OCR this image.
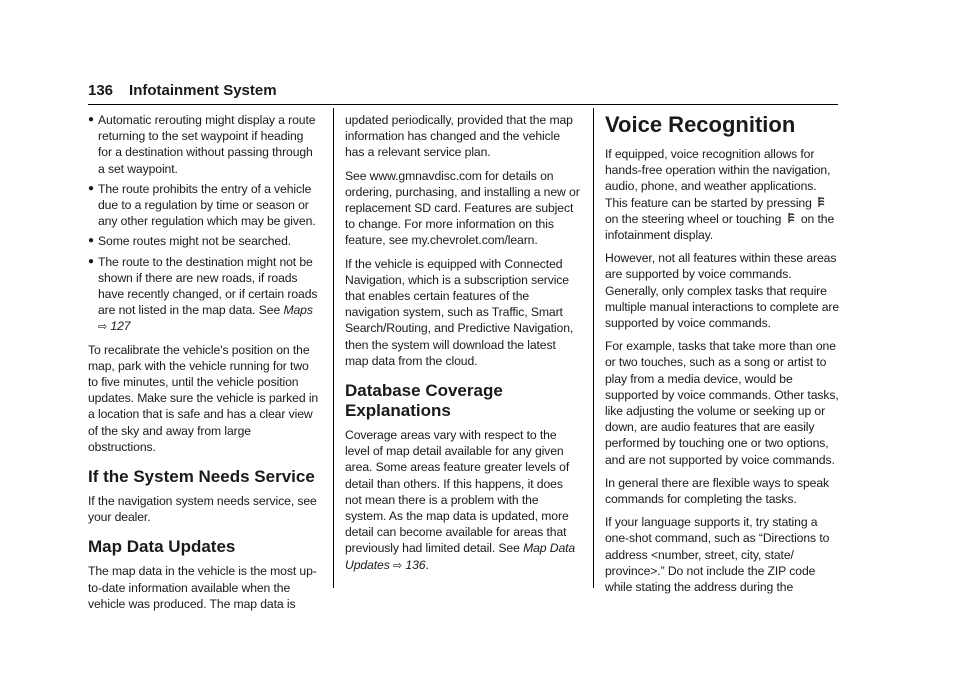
136 Infotainment System
● Automatic rerouting might display a route returning to the set waypoint if heading for a destination without passing through a set waypoint.
● The route prohibits the entry of a vehicle due to a regulation by time or season or any other regulation which may be given.
● Some routes might not be searched.
● The route to the destination might not be shown if there are new roads, if roads have recently changed, or if certain roads are not listed in the map data. See Maps
⇨ 127

To recalibrate the vehicle's position on the map, park with the vehicle running for two to five minutes, until the vehicle position updates. Make sure the vehicle is parked in a location that is safe and has a clear view of the sky and away from large obstructions.

If the System Needs Service

If the navigation system needs service, see your dealer.

Map Data Updates

The map data in the vehicle is the most up-to-date information available when the vehicle was produced. The map data is

updated periodically, provided that the map information has changed and the vehicle has a relevant service plan.

See www.gmnavdisc.com for details on ordering, purchasing, and installing a new or replacement SD card. Features are subject to change. For more information on this feature, see my.chevrolet.com/learn.

If the vehicle is equipped with Connected Navigation, which is a subscription service that enables certain features of the navigation system, such as Traffic, Smart Search/Routing, and Predictive Navigation, then the system will download the latest map data from the cloud.

Database Coverage Explanations

Coverage areas vary with respect to the level of map detail available for any given area. Some areas feature greater levels of detail than others. If this happens, it does not mean there is a problem with the system. As the map data is updated, more detail can become available for areas that previously had limited detail. See Map Data Updates ⇨ 136.

Voice Recognition

If equipped, voice recognition allows for hands-free operation within the navigation, audio, phone, and weather applications. This feature can be started by pressing  on the steering wheel or touching on the infotainment display.

However, not all features within these areas are supported by voice commands. Generally, only complex tasks that require multiple manual interactions to complete are supported by voice commands.

For example, tasks that take more than one or two touches, such as a song or artist to play from a media device, would be supported by voice commands. Other tasks, like adjusting the volume or seeking up or down, are audio features that are easily performed by touching one or two options, and are not supported by voice commands.

In general there are flexible ways to speak commands for completing the tasks.

If your language supports it, try stating a one-shot command, such as “Directions to address <number, street, city, state/ province>.” Do not include the ZIP code while stating the address during the
